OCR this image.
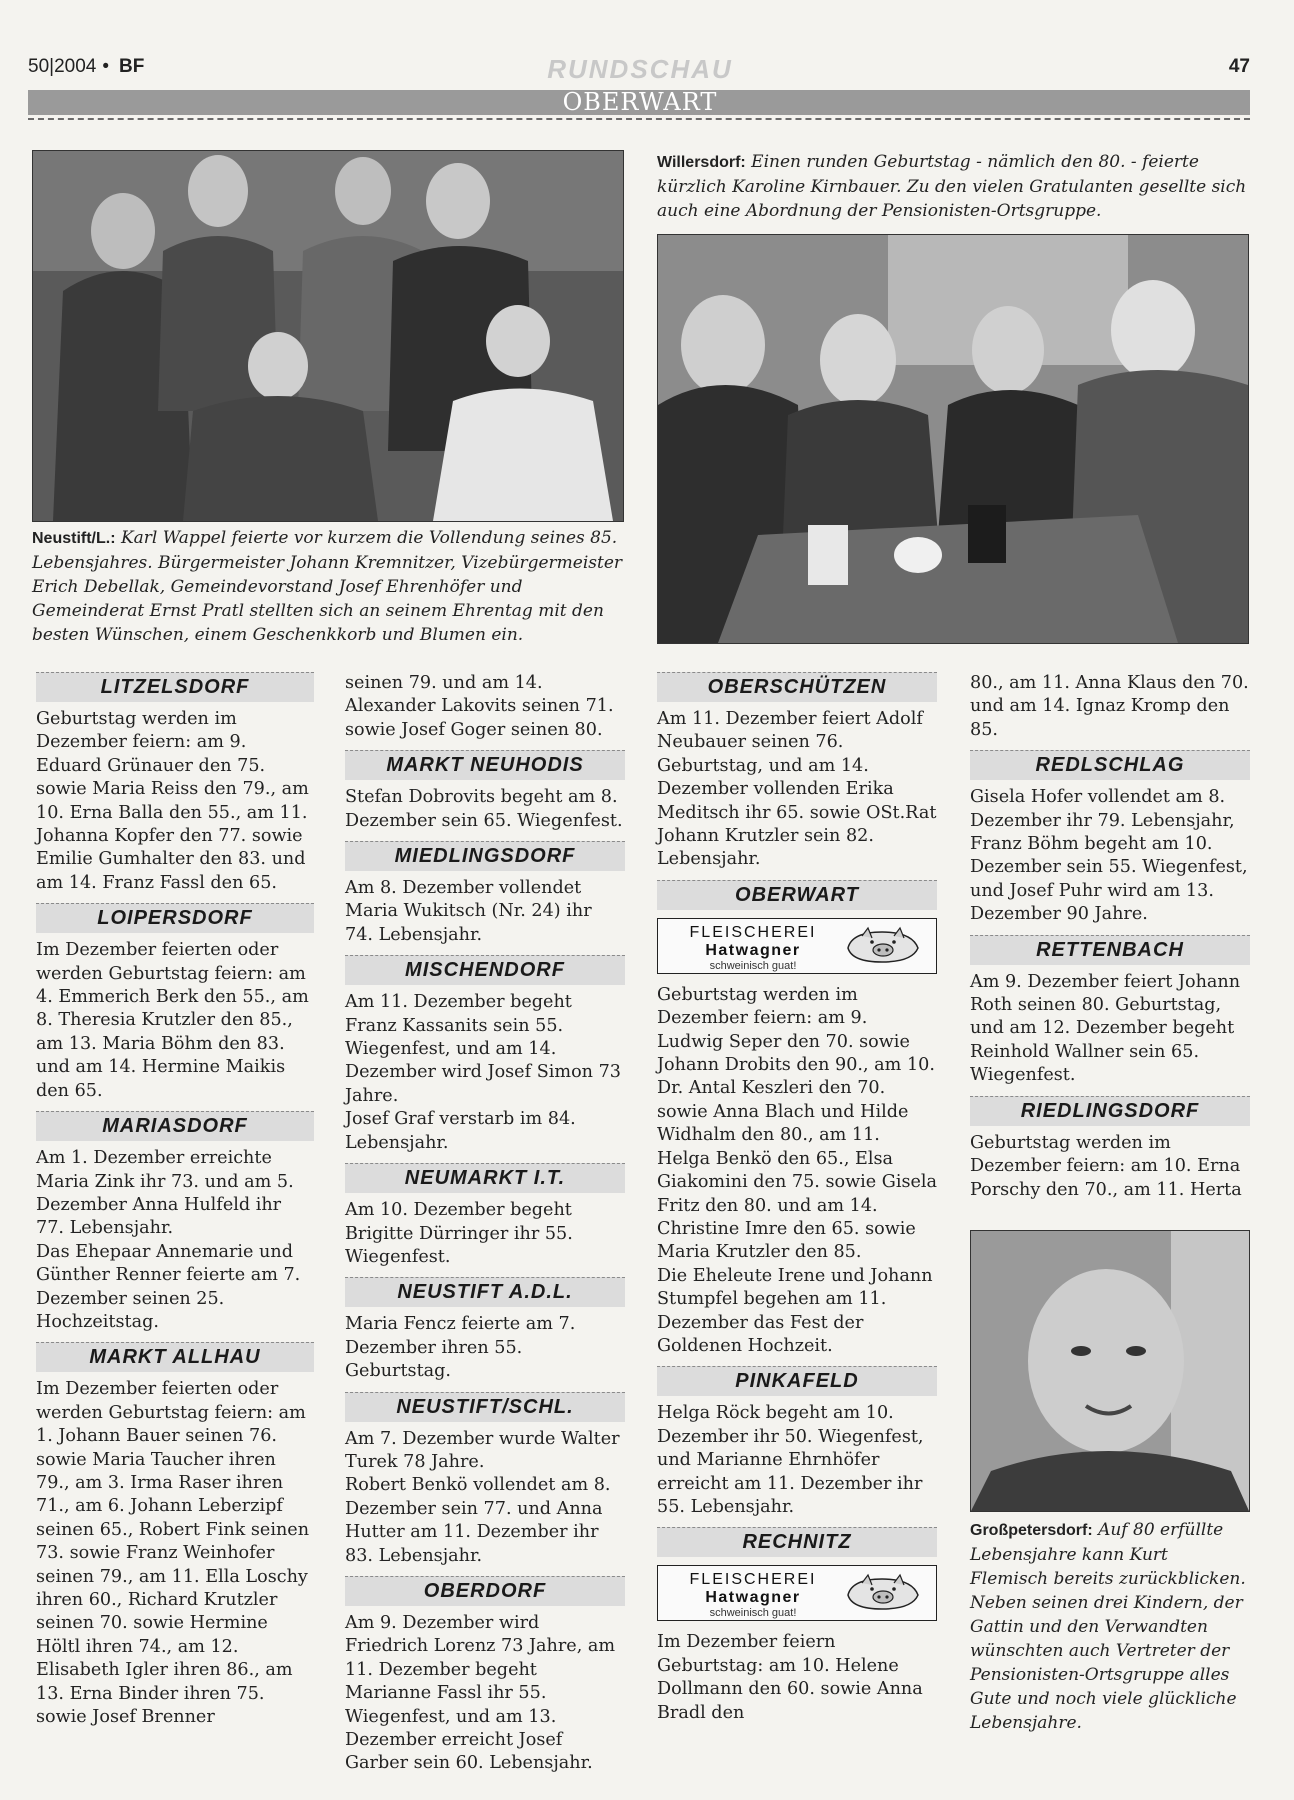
50|2004 • BF	RUNDSCHAU	47
OBERWART
Neustift/L.: Karl Wappel feierte vor kurzem die Vollendung seines 85. Lebensjahres. Bürgermeister Johann Kremnitzer, Vizebürgermeister Erich Debellak, Gemeindevorstand Josef Ehrenhöfer und Gemeinderat Ernst Pratl stellten sich an seinem Ehrentag mit den besten Wünschen, einem Geschenkkorb und Blumen ein.
Willersdorf: Einen runden Geburtstag - nämlich den 80. - feierte kürzlich Karoline Kirnbauer. Zu den vielen Gratulanten gesellte sich auch eine Abordnung der Pensionisten-Ortsgruppe.
Großpetersdorf: Auf 80 erfüllte Lebensjahre kann Kurt Flemisch bereits zurückblicken. Neben seinen drei Kindern, der Gattin und den Verwandten wünschten auch Vertreter der Pensionisten-Ortsgruppe alles Gute und noch viele glückliche Lebensjahre.
LITZELSDORF

Geburtstag werden im Dezember feiern: am 9. Eduard Grünauer den 75. sowie Maria Reiss den 79., am 10. Erna Balla den 55., am 11. Johanna Kopfer den 77. sowie Emilie Gumhalter den 83. und am 14. Franz Fassl den 65.

LOIPERSDORF

Im Dezember feierten oder werden Geburtstag feiern: am 4. Emmerich Berk den 55., am 8. Theresia Krutzler den 85., am 13. Maria Böhm den 83. und am 14. Hermine Maikis den 65.

MARIASDORF

Am 1. Dezember erreichte Maria Zink ihr 73. und am 5. Dezember Anna Hulfeld ihr 77. Lebensjahr.

Das Ehepaar Annemarie und Günther Renner feierte am 7. Dezember seinen 25. Hochzeitstag.

MARKT ALLHAU

Im Dezember feierten oder werden Geburtstag feiern: am 1. Johann Bauer seinen 76. sowie Maria Taucher ihren 79., am 3. Irma Raser ihren 71., am 6. Johann Leberzipf seinen 65., Robert Fink seinen 73. sowie Franz Weinhofer seinen 79., am 11. Ella Loschy ihren 60., Richard Krutzler seinen 70. sowie Hermine Höltl ihren 74., am 12. Elisabeth Igler ihren 86., am 13. Erna Binder ihren 75. sowie Josef Brenner

seinen 79. und am 14. Alexander Lakovits seinen 71. sowie Josef Goger seinen 80.

MARKT NEUHODIS

Stefan Dobrovits begeht am 8. Dezember sein 65. Wiegenfest.

MIEDLINGSDORF

Am 8. Dezember vollendet Maria Wukitsch (Nr. 24) ihr 74. Lebensjahr.

MISCHENDORF

Am 11. Dezember begeht Franz Kassanits sein 55. Wiegenfest, und am 14. Dezember wird Josef Simon 73 Jahre.

Josef Graf verstarb im 84. Lebensjahr.

NEUMARKT I.T.

Am 10. Dezember begeht Brigitte Dürringer ihr 55. Wiegenfest.

NEUSTIFT A.D.L.

Maria Fencz feierte am 7. Dezember ihren 55. Geburtstag.

NEUSTIFT/SCHL.

Am 7. Dezember wurde Walter Turek 78 Jahre.

Robert Benkö vollendet am 8. Dezember sein 77. und Anna Hutter am 11. Dezember ihr 83. Lebensjahr.

OBERDORF

Am 9. Dezember wird Friedrich Lorenz 73 Jahre, am 11. Dezember begeht Marianne Fassl ihr 55. Wiegenfest, und am 13. Dezember erreicht Josef Garber sein 60. Lebensjahr.

OBERSCHÜTZEN

Am 11. Dezember feiert Adolf Neubauer seinen 76. Geburtstag, und am 14. Dezember vollenden Erika Meditsch ihr 65. sowie OSt.Rat Johann Krutzler sein 82. Lebensjahr.

OBERWART
FLEISCHEREI
Hatwagner
schweinisch guat!

Geburtstag werden im Dezember feiern: am 9. Ludwig Seper den 70. sowie Johann Drobits den 90., am 10. Dr. Antal Keszleri den 70. sowie Anna Blach und Hilde Widhalm den 80., am 11. Helga Benkö den 65., Elsa Giakomini den 75. sowie Gisela Fritz den 80. und am 14. Christine Imre den 65. sowie Maria Krutzler den 85.

Die Eheleute Irene und Johann Stumpfel begehen am 11. Dezember das Fest der Goldenen Hochzeit.

PINKAFELD

Helga Röck begeht am 10. Dezember ihr 50. Wiegenfest, und Marianne Ehrnhöfer erreicht am 11. Dezember ihr 55. Lebensjahr.

RECHNITZ
FLEISCHEREI
Hatwagner
schweinisch guat!

Im Dezember feiern Geburtstag: am 10. Helene Dollmann den 60. sowie Anna Bradl den

80., am 11. Anna Klaus den 70. und am 14. Ignaz Kromp den 85.

REDLSCHLAG

Gisela Hofer vollendet am 8. Dezember ihr 79. Lebensjahr, Franz Böhm begeht am 10. Dezember sein 55. Wiegenfest, und Josef Puhr wird am 13. Dezember 90 Jahre.

RETTENBACH

Am 9. Dezember feiert Johann Roth seinen 80. Geburtstag, und am 12. Dezember begeht Reinhold Wallner sein 65. Wiegenfest.

RIEDLINGSDORF

Geburtstag werden im Dezember feiern: am 10. Erna Porschy den 70., am 11. Herta
